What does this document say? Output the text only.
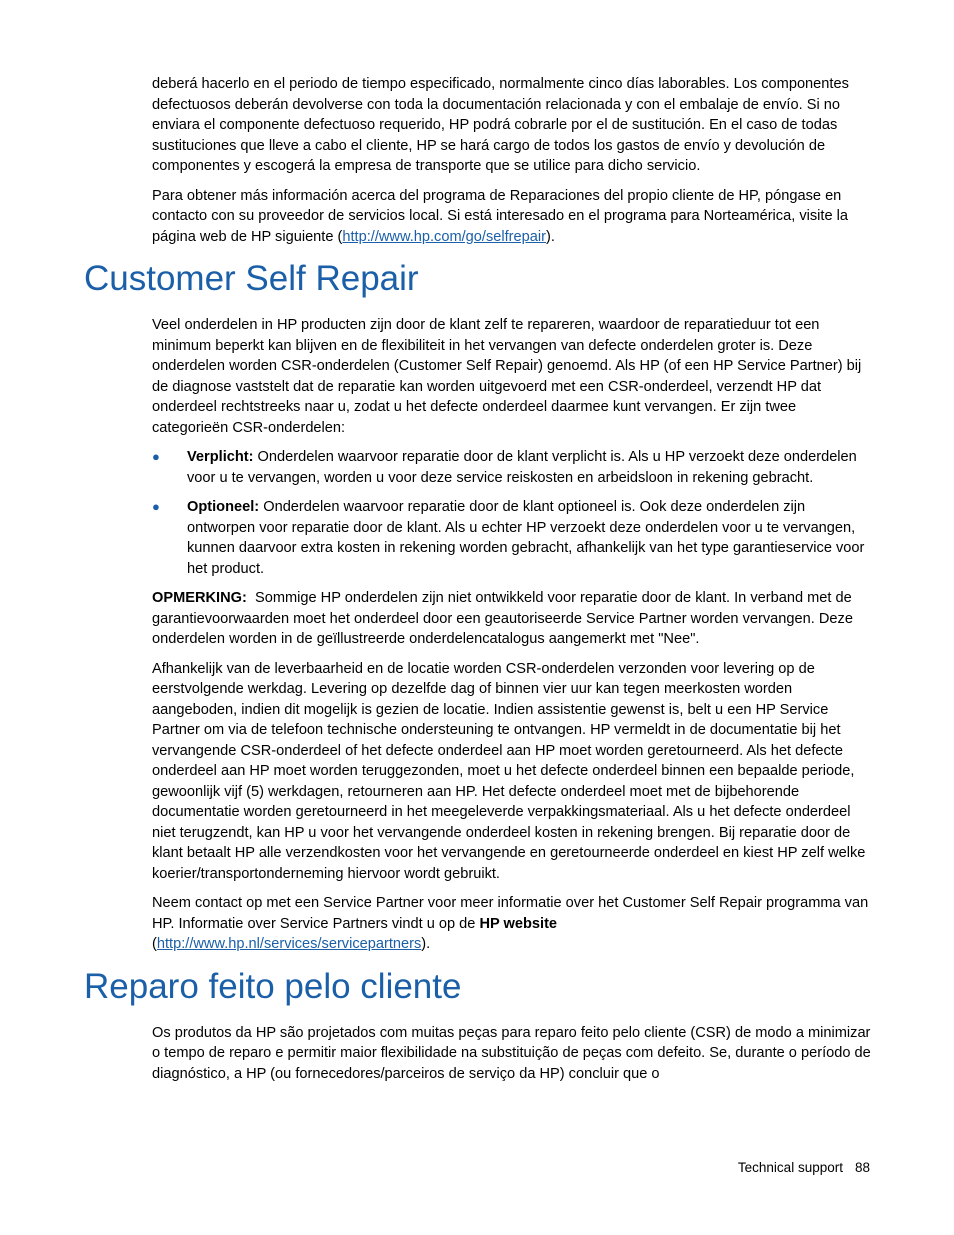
deberá hacerlo en el periodo de tiempo especificado, normalmente cinco días laborables. Los componentes defectuosos deberán devolverse con toda la documentación relacionada y con el embalaje de envío. Si no enviara el componente defectuoso requerido, HP podrá cobrarle por el de sustitución. En el caso de todas sustituciones que lleve a cabo el cliente, HP se hará cargo de todos los gastos de envío y devolución de componentes y escogerá la empresa de transporte que se utilice para dicho servicio.

Para obtener más información acerca del programa de Reparaciones del propio cliente de HP, póngase en contacto con su proveedor de servicios local. Si está interesado en el programa para Norteamérica, visite la página web de HP siguiente (http://www.hp.com/go/selfrepair).

Customer Self Repair

Veel onderdelen in HP producten zijn door de klant zelf te repareren, waardoor de reparatieduur tot een minimum beperkt kan blijven en de flexibiliteit in het vervangen van defecte onderdelen groter is. Deze onderdelen worden CSR-onderdelen (Customer Self Repair) genoemd. Als HP (of een HP Service Partner) bij de diagnose vaststelt dat de reparatie kan worden uitgevoerd met een CSR-onderdeel, verzendt HP dat onderdeel rechtstreeks naar u, zodat u het defecte onderdeel daarmee kunt vervangen. Er zijn twee categorieën CSR-onderdelen:

● Verplicht: Onderdelen waarvoor reparatie door de klant verplicht is. Als u HP verzoekt deze onderdelen voor u te vervangen, worden u voor deze service reiskosten en arbeidsloon in rekening gebracht.
● Optioneel: Onderdelen waarvoor reparatie door de klant optioneel is. Ook deze onderdelen zijn ontworpen voor reparatie door de klant. Als u echter HP verzoekt deze onderdelen voor u te vervangen, kunnen daarvoor extra kosten in rekening worden gebracht, afhankelijk van het type garantieservice voor het product.

OPMERKING:  Sommige HP onderdelen zijn niet ontwikkeld voor reparatie door de klant. In verband met de garantievoorwaarden moet het onderdeel door een geautoriseerde Service Partner worden vervangen. Deze onderdelen worden in de geïllustreerde onderdelencatalogus aangemerkt met "Nee".

Afhankelijk van de leverbaarheid en de locatie worden CSR-onderdelen verzonden voor levering op de eerstvolgende werkdag. Levering op dezelfde dag of binnen vier uur kan tegen meerkosten worden aangeboden, indien dit mogelijk is gezien de locatie. Indien assistentie gewenst is, belt u een HP Service Partner om via de telefoon technische ondersteuning te ontvangen. HP vermeldt in de documentatie bij het vervangende CSR-onderdeel of het defecte onderdeel aan HP moet worden geretourneerd. Als het defecte onderdeel aan HP moet worden teruggezonden, moet u het defecte onderdeel binnen een bepaalde periode, gewoonlijk vijf (5) werkdagen, retourneren aan HP. Het defecte onderdeel moet met de bijbehorende documentatie worden geretourneerd in het meegeleverde verpakkingsmateriaal. Als u het defecte onderdeel niet terugzendt, kan HP u voor het vervangende onderdeel kosten in rekening brengen. Bij reparatie door de klant betaalt HP alle verzendkosten voor het vervangende en geretourneerde onderdeel en kiest HP zelf welke koerier/transportonderneming hiervoor wordt gebruikt.

Neem contact op met een Service Partner voor meer informatie over het Customer Self Repair programma van HP. Informatie over Service Partners vindt u op de HP website
(http://www.hp.nl/services/servicepartners).

Reparo feito pelo cliente

Os produtos da HP são projetados com muitas peças para reparo feito pelo cliente (CSR) de modo a minimizar o tempo de reparo e permitir maior flexibilidade na substituição de peças com defeito. Se, durante o período de diagnóstico, a HP (ou fornecedores/parceiros de serviço da HP) concluir que o

Technical support 88
